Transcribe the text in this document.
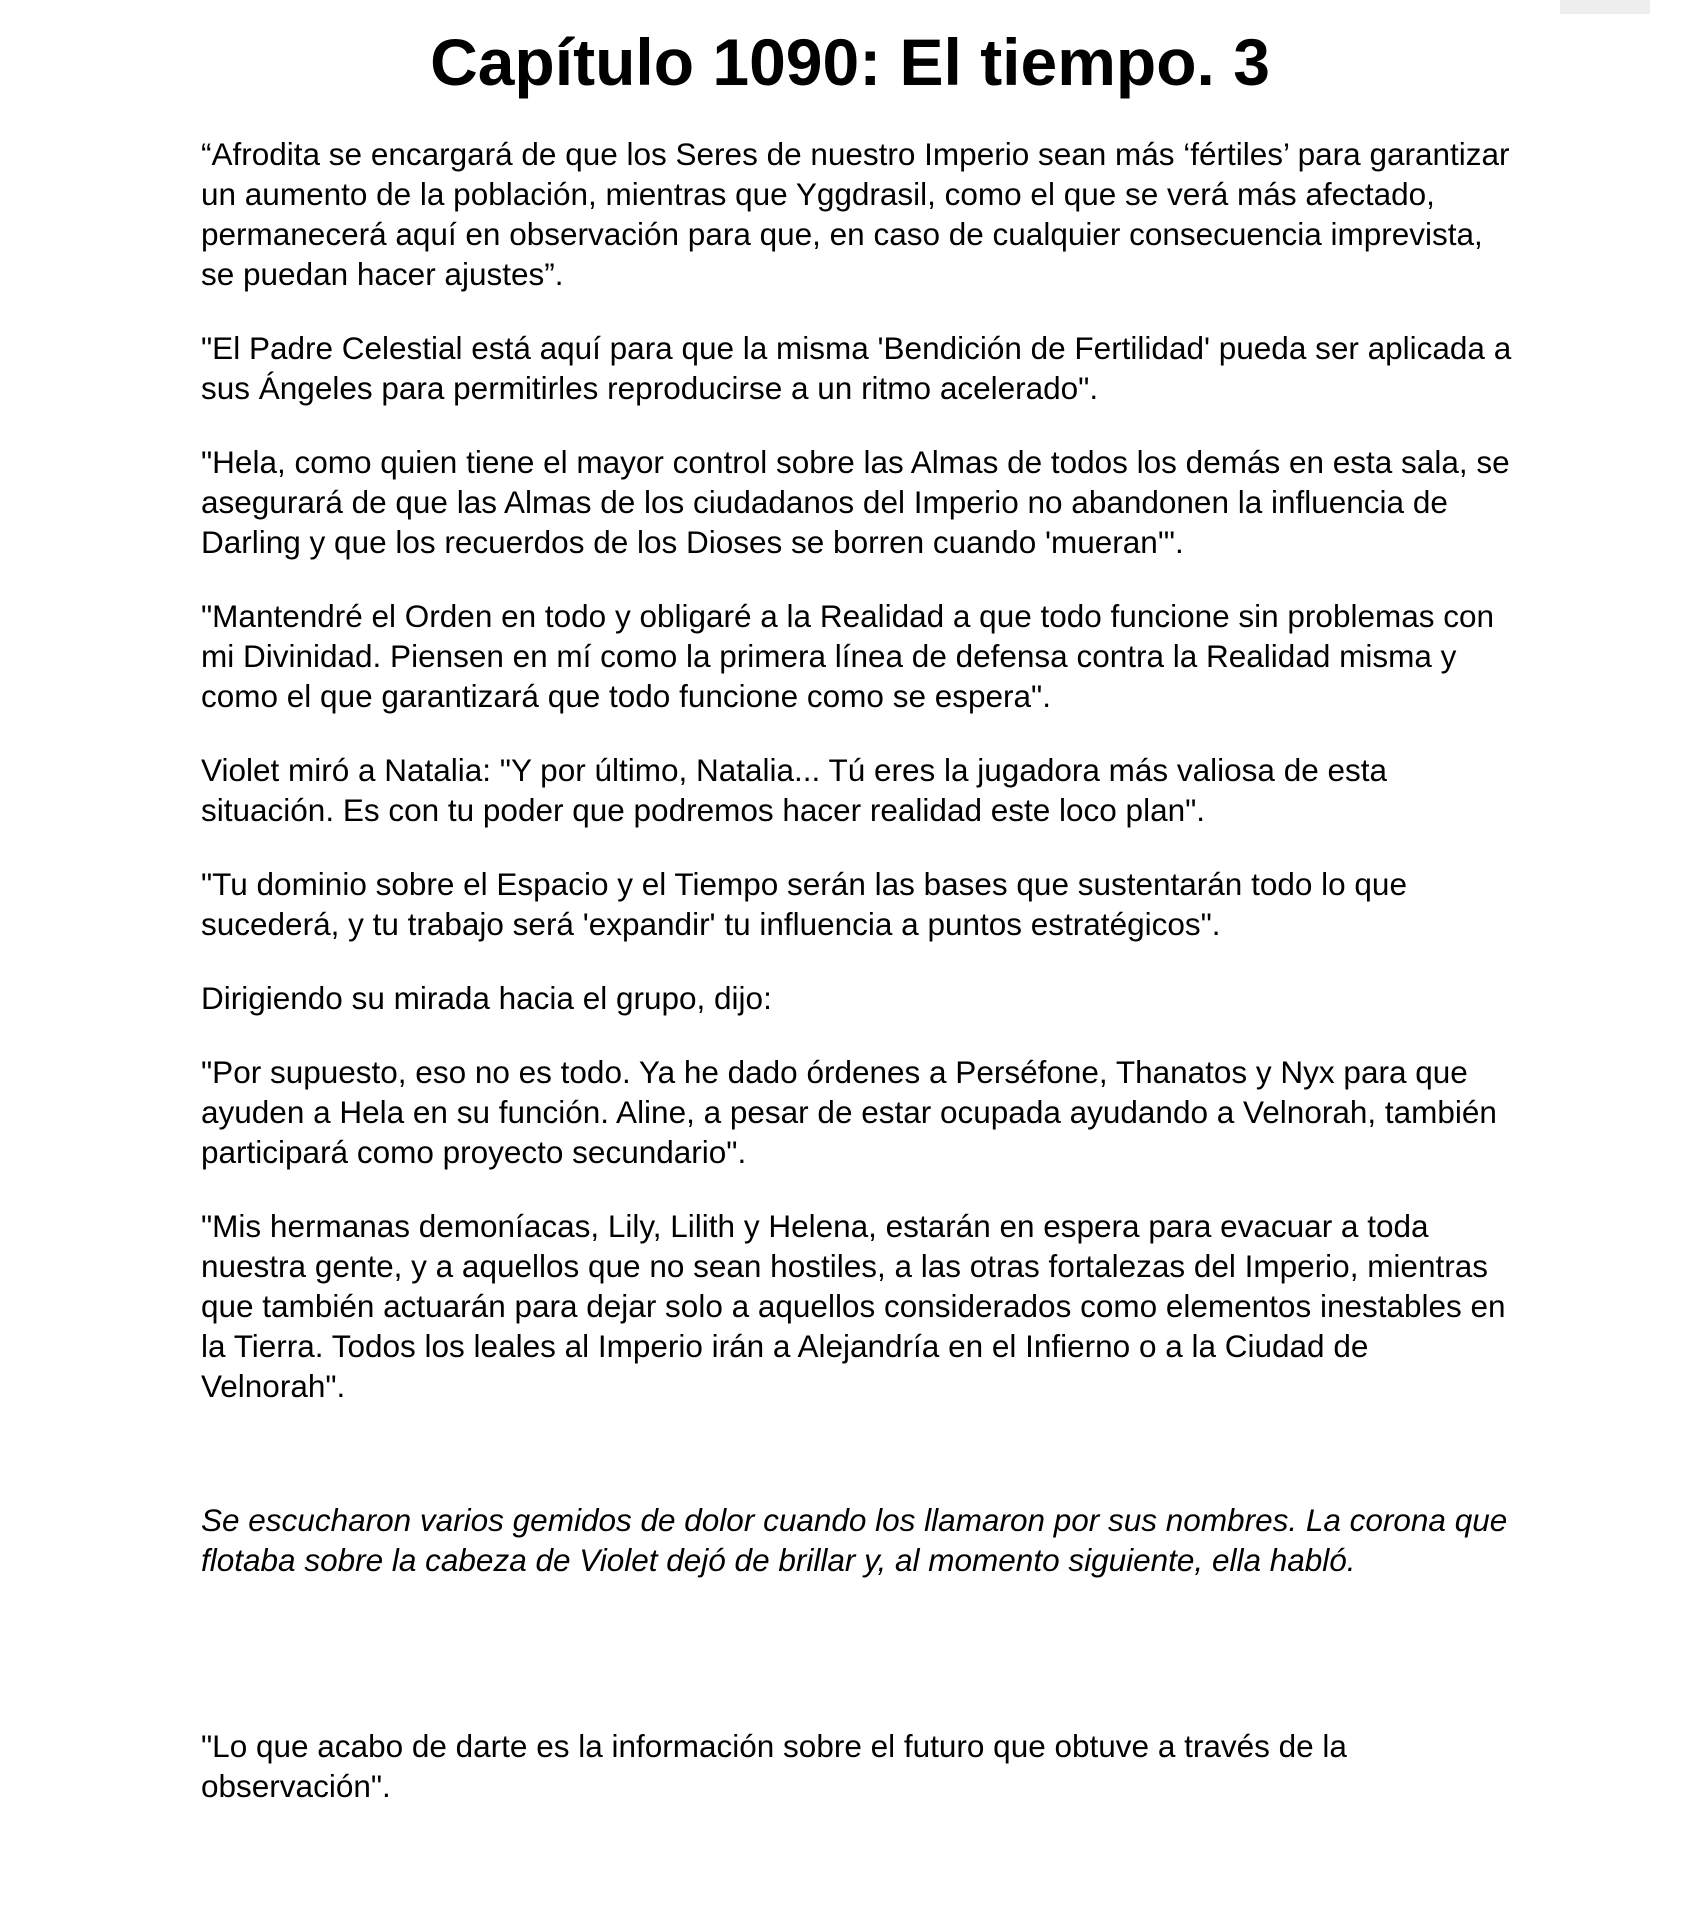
Capítulo 1090: El tiempo. 3

“Afrodita se encargará de que los Seres de nuestro Imperio sean más ‘fértiles’ para garantizar un aumento de la población, mientras que Yggdrasil, como el que se verá más afectado, permanecerá aquí en observación para que, en caso de cualquier consecuencia imprevista, se puedan hacer ajustes”.

"El Padre Celestial está aquí para que la misma 'Bendición de Fertilidad' pueda ser aplicada a sus Ángeles para permitirles reproducirse a un ritmo acelerado".

"Hela, como quien tiene el mayor control sobre las Almas de todos los demás en esta sala, se asegurará de que las Almas de los ciudadanos del Imperio no abandonen la influencia de Darling y que los recuerdos de los Dioses se borren cuando 'mueran'".

"Mantendré el Orden en todo y obligaré a la Realidad a que todo funcione sin problemas con mi Divinidad. Piensen en mí como la primera línea de defensa contra la Realidad misma y como el que garantizará que todo funcione como se espera".

Violet miró a Natalia: "Y por último, Natalia... Tú eres la jugadora más valiosa de esta situación. Es con tu poder que podremos hacer realidad este loco plan".

"Tu dominio sobre el Espacio y el Tiempo serán las bases que sustentarán todo lo que sucederá, y tu trabajo será 'expandir' tu influencia a puntos estratégicos".

Dirigiendo su mirada hacia el grupo, dijo:

"Por supuesto, eso no es todo. Ya he dado órdenes a Perséfone, Thanatos y Nyx para que ayuden a Hela en su función. Aline, a pesar de estar ocupada ayudando a Velnorah, también participará como proyecto secundario".

"Mis hermanas demoníacas, Lily, Lilith y Helena, estarán en espera para evacuar a toda nuestra gente, y a aquellos que no sean hostiles, a las otras fortalezas del Imperio, mientras que también actuarán para dejar solo a aquellos considerados como elementos inestables en la Tierra. Todos los leales al Imperio irán a Alejandría en el Infierno o a la Ciudad de Velnorah".

Se escucharon varios gemidos de dolor cuando los llamaron por sus nombres. La corona que flotaba sobre la cabeza de Violet dejó de brillar y, al momento siguiente, ella habló.

"Lo que acabo de darte es la información sobre el futuro que obtuve a través de la observación".
